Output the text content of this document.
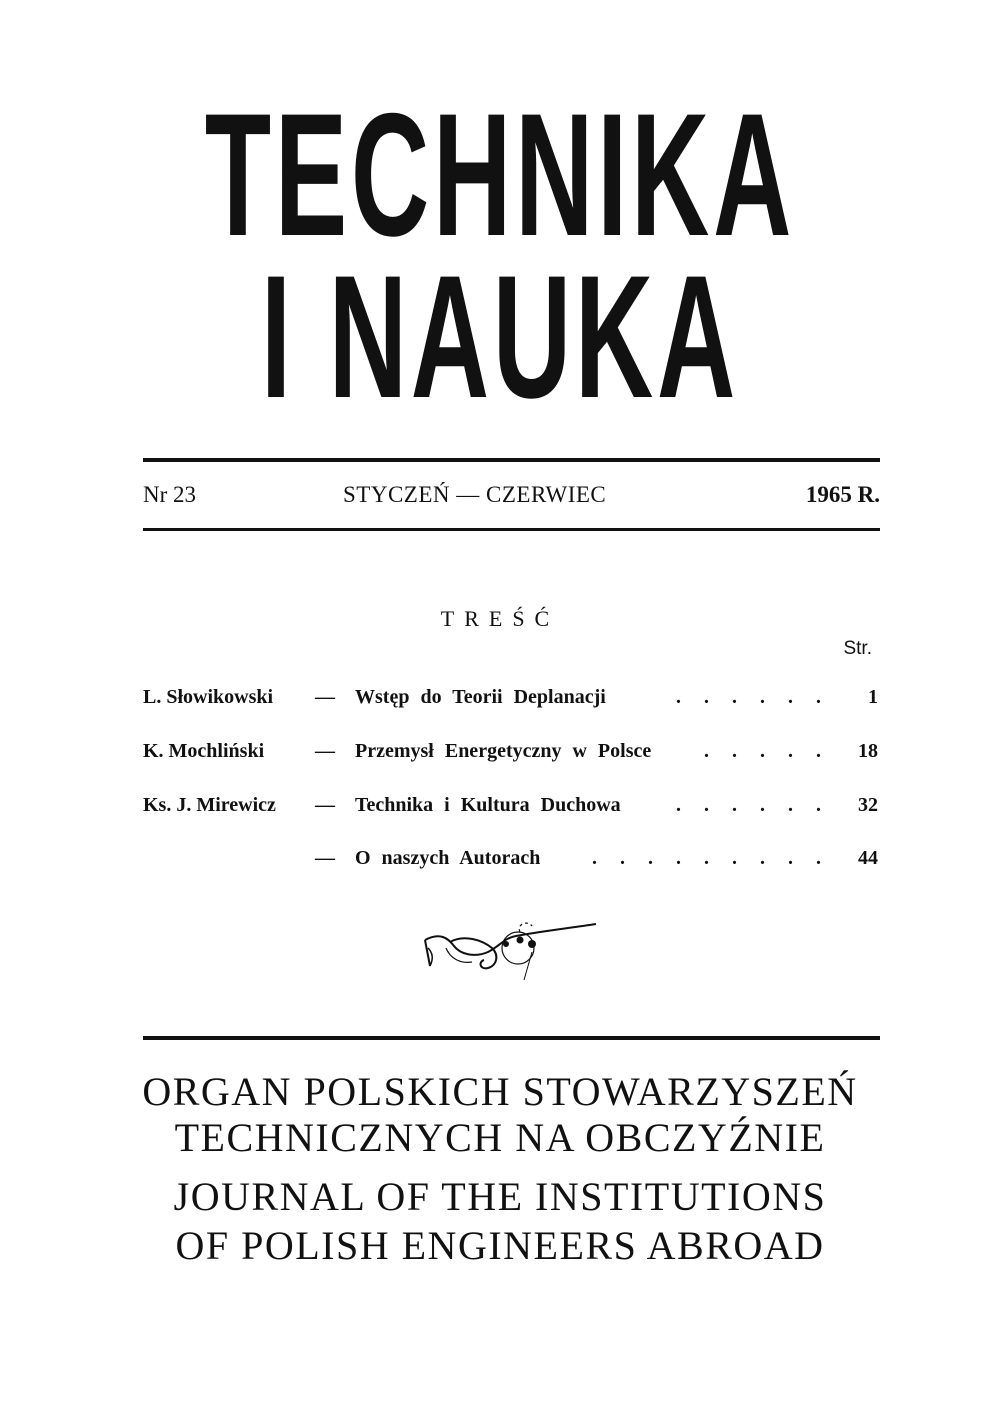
TECHNIKA
I NAUKA
Nr 23	STYCZEŃ — CZERWIEC	1965 R.
TREŚĆ
Str.
L. Słowikowski — Wstęp do Teorii Deplanacji	. . . . . . 1
K. Mochliński	— Przemysł Energetyczny w Polsce	. . . . . 18
Ks. J. Mirewicz — Technika i Kultura Duchowa	. . . . . . 32
— O naszych Autorach	. . . . . . . . . 44
ORGAN POLSKICH STOWARZYSZEŃ
TECHNICZNYCH NA OBCZYŹNIE
JOURNAL OF THE INSTITUTIONS
OF POLISH ENGINEERS ABROAD
